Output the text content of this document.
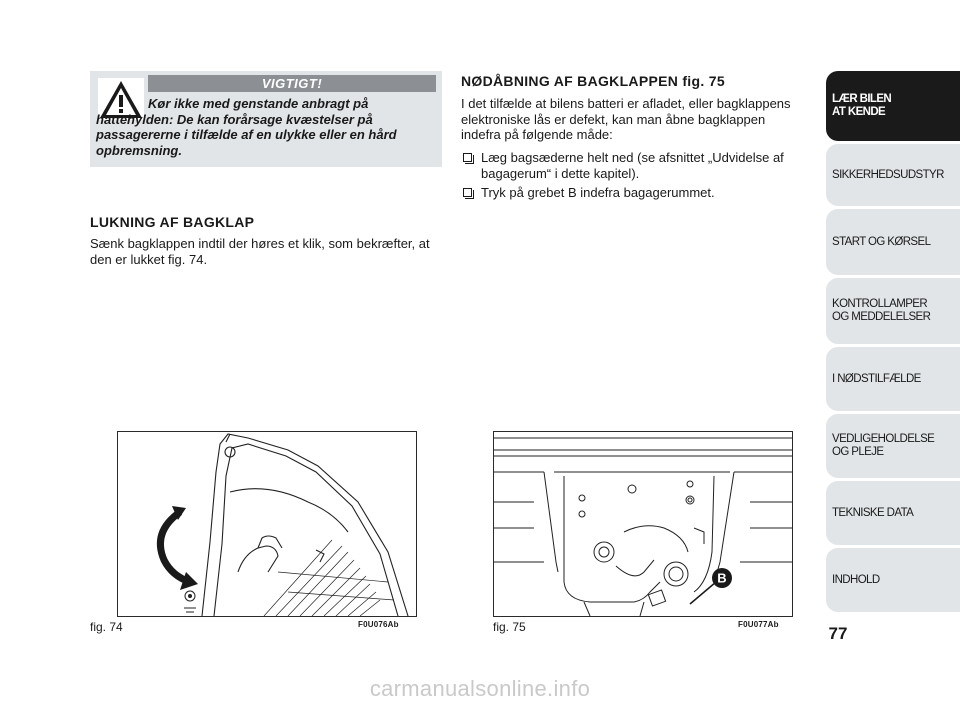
VIGTIGT!
Kør ikke med genstande anbragt på hattehylden: De kan forårsage kvæstelser på passagererne i tilfælde af en ulykke eller en hård opbremsning.
LUKNING AF BAGKLAP
Sænk bagklappen indtil der høres et klik, som bekræfter, at den er lukket fig. 74.
NØDÅBNING AF BAGKLAPPEN fig. 75
I det tilfælde at bilens batteri er afladet, eller bagklappens elektroniske lås er defekt, kan man åbne bagklappen indefra på følgende måde:
Læg bagsæderne helt ned (se afsnittet „Udvidelse af bagagerum“ i dette kapitel).
Tryk på grebet B indefra bagagerummet.
fig. 74	F0U076Ab
B
fig. 75	F0U077Ab
LÆR BILEN
AT KENDE
SIKKERHEDSUDSTYR
START OG KØRSEL
KONTROLLAMPER
OG MEDDELELSER
I NØDSTILFÆLDE
VEDLIGEHOLDELSE
OG PLEJE
TEKNISKE DATA
INDHOLD
77
carmanualsonline.info
